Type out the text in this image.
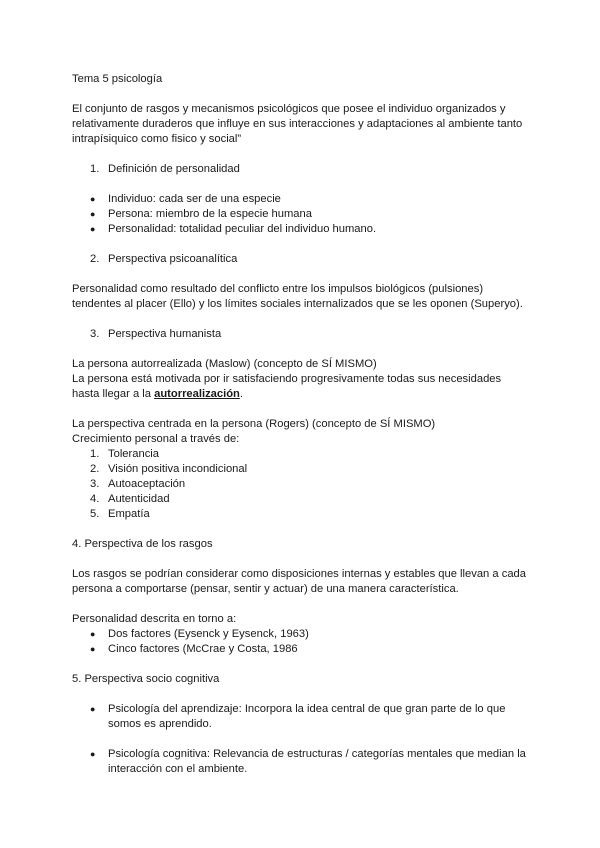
Tema 5 psicología
El conjunto de rasgos y mecanismos psicológicos que posee el individuo organizados y
relativamente duraderos que influye en sus interacciones y adaptaciones al ambiente tanto
intrapísiquico como fisico y social”
1. Definición de personalidad
● Individuo: cada ser de una especie
● Persona: miembro de la especie humana
● Personalidad: totalidad peculiar del individuo humano.
2. Perspectiva psicoanalítica
Personalidad como resultado del conflicto entre los impulsos biológicos (pulsiones)
tendentes al placer (Ello) y los límites sociales internalizados que se les oponen (Superyo).
3. Perspectiva humanista
La persona autorrealizada (Maslow) (concepto de SÍ MISMO)
La persona está motivada por ir satisfaciendo progresivamente todas sus necesidades
hasta llegar a la autorrealización.
La perspectiva centrada en la persona (Rogers) (concepto de SÍ MISMO)
Crecimiento personal a través de:
1. Tolerancia
2. Visión positiva incondicional
3. Autoaceptación
4. Autenticidad
5. Empatía
4. Perspectiva de los rasgos
Los rasgos se podrían considerar como disposiciones internas y estables que llevan a cada
persona a comportarse (pensar, sentir y actuar) de una manera característica.
Personalidad descrita en torno a:
● Dos factores (Eysenck y Eysenck, 1963)
● Cinco factores (McCrae y Costa, 1986
5. Perspectiva socio cognitiva
● Psicología del aprendizaje: Incorpora la idea central de que gran parte de lo que
somos es aprendido.
● Psicología cognitiva: Relevancia de estructuras / categorías mentales que median la
interacción con el ambiente.
